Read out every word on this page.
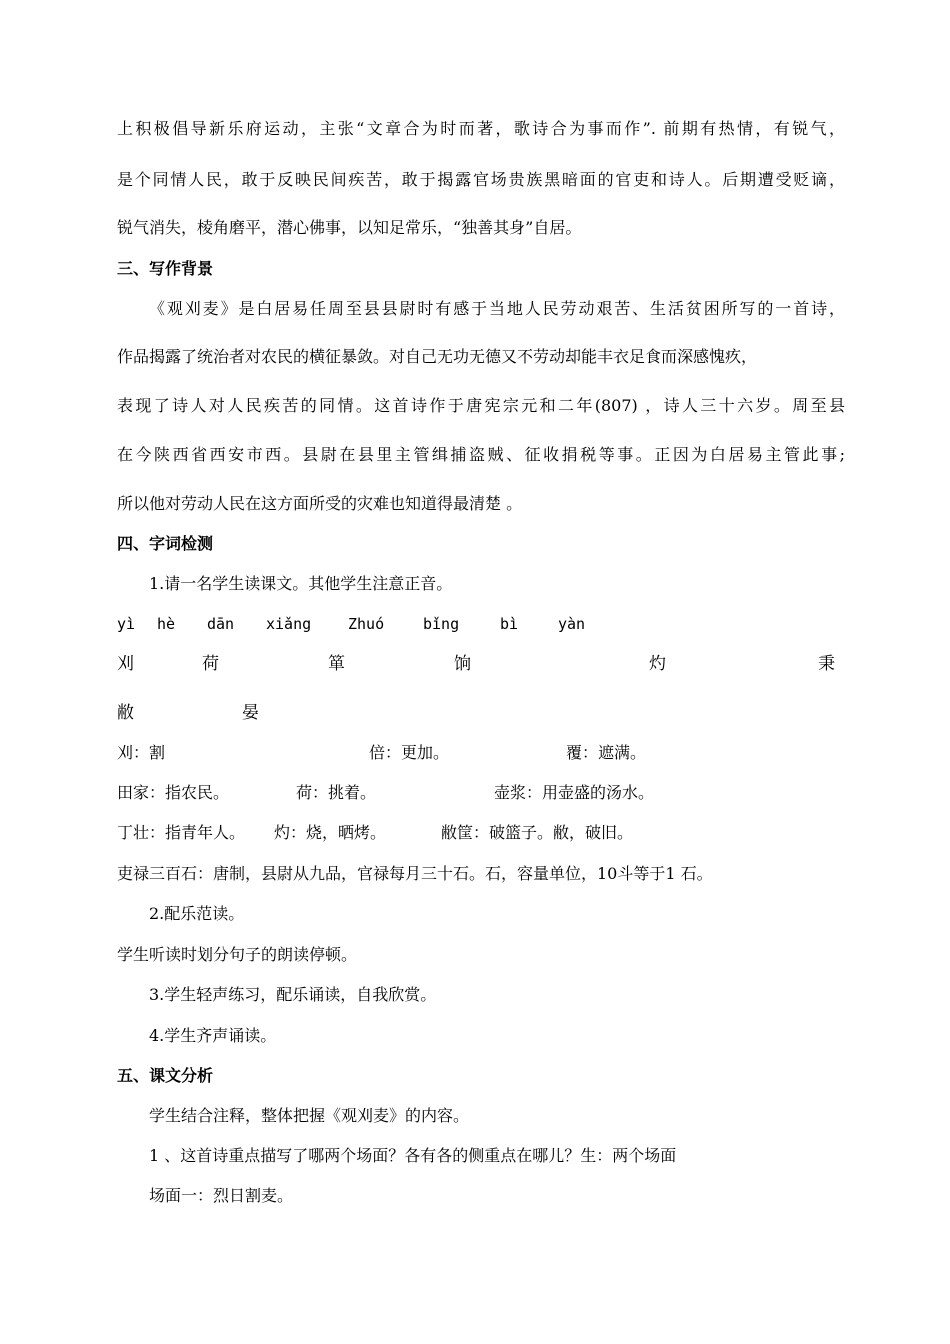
上积极倡导新乐府运动，主张“文章合为时而著，歌诗合为事而作”. 前期有热情，有锐气，
是个同情人民，敢于反映民间疾苦，敢于揭露官场贵族黑暗面的官吏和诗人。后期遭受贬谪，
锐气消失，棱角磨平，潜心佛事，以知足常乐，“独善其身”自居。
三、写作背景
《观刈麦》是白居易任周至县县尉时有感于当地人民劳动艰苦、生活贫困所写的一首诗，
作品揭露了统治者对农民的横征暴敛。对自己无功无德又不劳动却能丰衣足食而深感愧疚，
表现了诗人对人民疾苦的同情。这首诗作于唐宪宗元和二年(807) ，诗人三十六岁。周至县
在今陕西省西安市西。县尉在县里主管缉捕盗贼、征收捐税等事。正因为白居易主管此事;
所以他对劳动人民在这方面所受的灾难也知道得最清楚 。
四、字词检测
1.请一名学生读课文。其他学生注意正音。
yì hè dān xiǎng Zhuó	bǐng	bì	yàn
刈	荷	箪	饷	灼	秉
敝	晏
刈：割	倍：更加。	覆：遮满。
田家：指农民。	荷：挑着。	壶浆：用壶盛的汤水。
丁壮：指青年人。 灼：烧，晒烤。	敝筐：破篮子。敝，破旧。
吏禄三百石：唐制，县尉从九品，官禄每月三十石。石，容量单位，10斗等于1 石。
2.配乐范读。
学生听读时划分句子的朗读停顿。
3.学生轻声练习，配乐诵读，自我欣赏。
4.学生齐声诵读。
五、课文分析
学生结合注释，整体把握《观刈麦》的内容。
1 、这首诗重点描写了哪两个场面？各有各的侧重点在哪儿？生：两个场面
场面一：烈日割麦。
